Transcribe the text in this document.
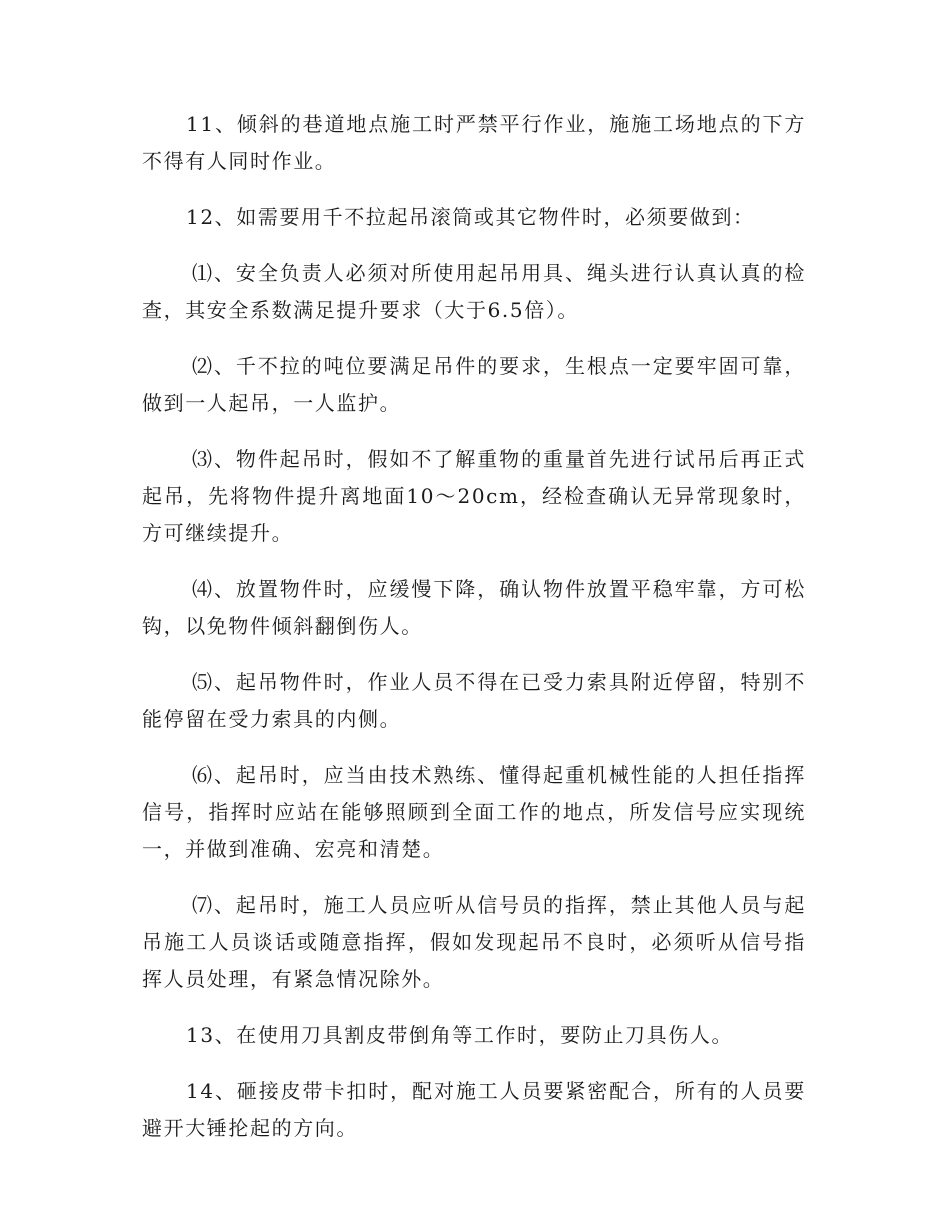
11、倾斜的巷道地点施工时严禁平行作业，施施工场地点的下方不得有人同时作业。

12、如需要用千不拉起吊滚筒或其它物件时，必须要做到：

⑴、安全负责人必须对所使用起吊用具、绳头进行认真认真的检查，其安全系数满足提升要求（大于6.5倍）。

⑵、千不拉的吨位要满足吊件的要求，生根点一定要牢固可靠，做到一人起吊，一人监护。

⑶、物件起吊时，假如不了解重物的重量首先进行试吊后再正式起吊，先将物件提升离地面10～20cm，经检查确认无异常现象时，方可继续提升。

⑷、放置物件时，应缓慢下降，确认物件放置平稳牢靠，方可松钩，以免物件倾斜翻倒伤人。

⑸、起吊物件时，作业人员不得在已受力索具附近停留，特别不能停留在受力索具的内侧。

⑹、起吊时，应当由技术熟练、懂得起重机械性能的人担任指挥信号，指挥时应站在能够照顾到全面工作的地点，所发信号应实现统一，并做到准确、宏亮和清楚。

⑺、起吊时，施工人员应听从信号员的指挥，禁止其他人员与起吊施工人员谈话或随意指挥，假如发现起吊不良时，必须听从信号指挥人员处理，有紧急情况除外。

13、在使用刀具割皮带倒角等工作时，要防止刀具伤人。

14、砸接皮带卡扣时，配对施工人员要紧密配合，所有的人员要避开大锤抡起的方向。
